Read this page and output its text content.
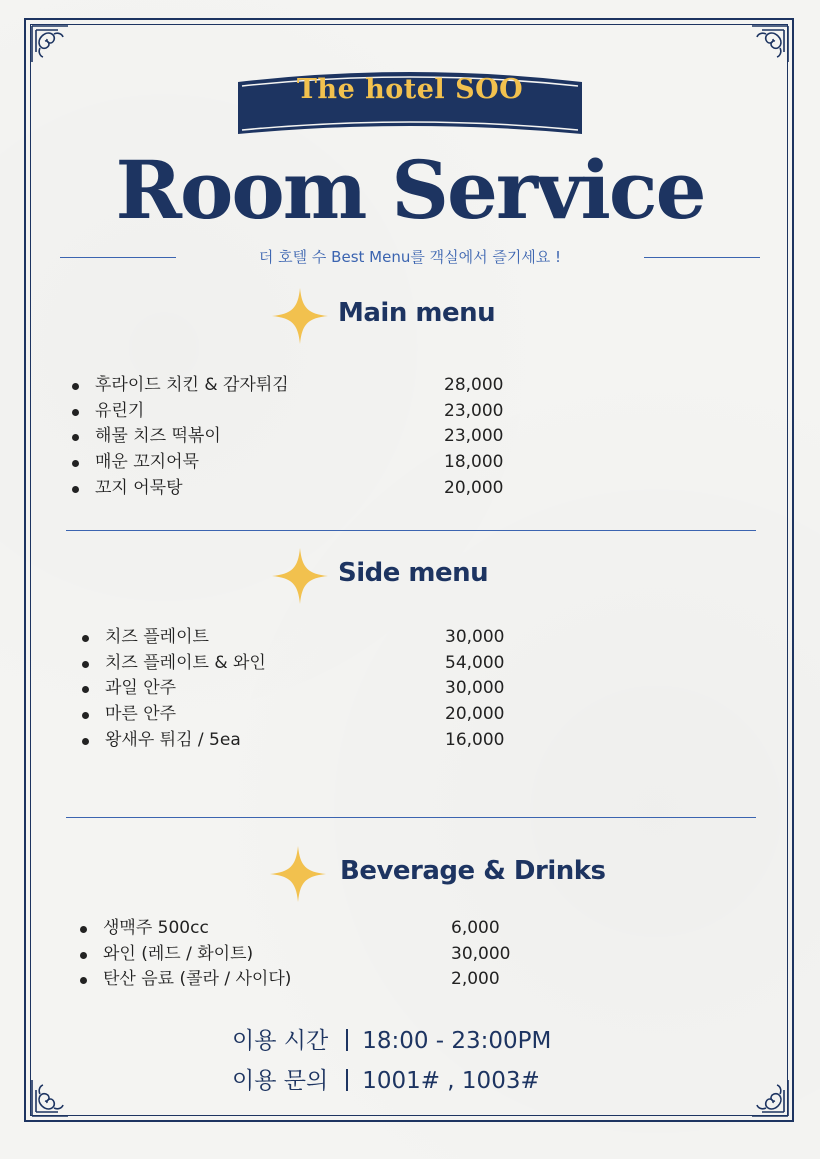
The hotel SOO
Room Service
더 호텔 수 Best Menu를 객실에서 즐기세요 !
Main menu
후라이드 치킨 & 감자튀김	28,000
유린기	23,000
해물 치즈 떡볶이	23,000
매운 꼬지어묵	18,000
꼬지 어묵탕	20,000
Side menu
치즈 플레이트	30,000
치즈 플레이트 & 와인	54,000
과일 안주	30,000
마른 안주	20,000
왕새우 튀김 / 5ea	16,000
Beverage & Drinks
생맥주 500cc	6,000
와인 (레드 / 화이트)	30,000
탄산 음료 (콜라 / 사이다)	2,000
이용 시간 18:00 - 23:00PM
이용 문의 1001# , 1003#
